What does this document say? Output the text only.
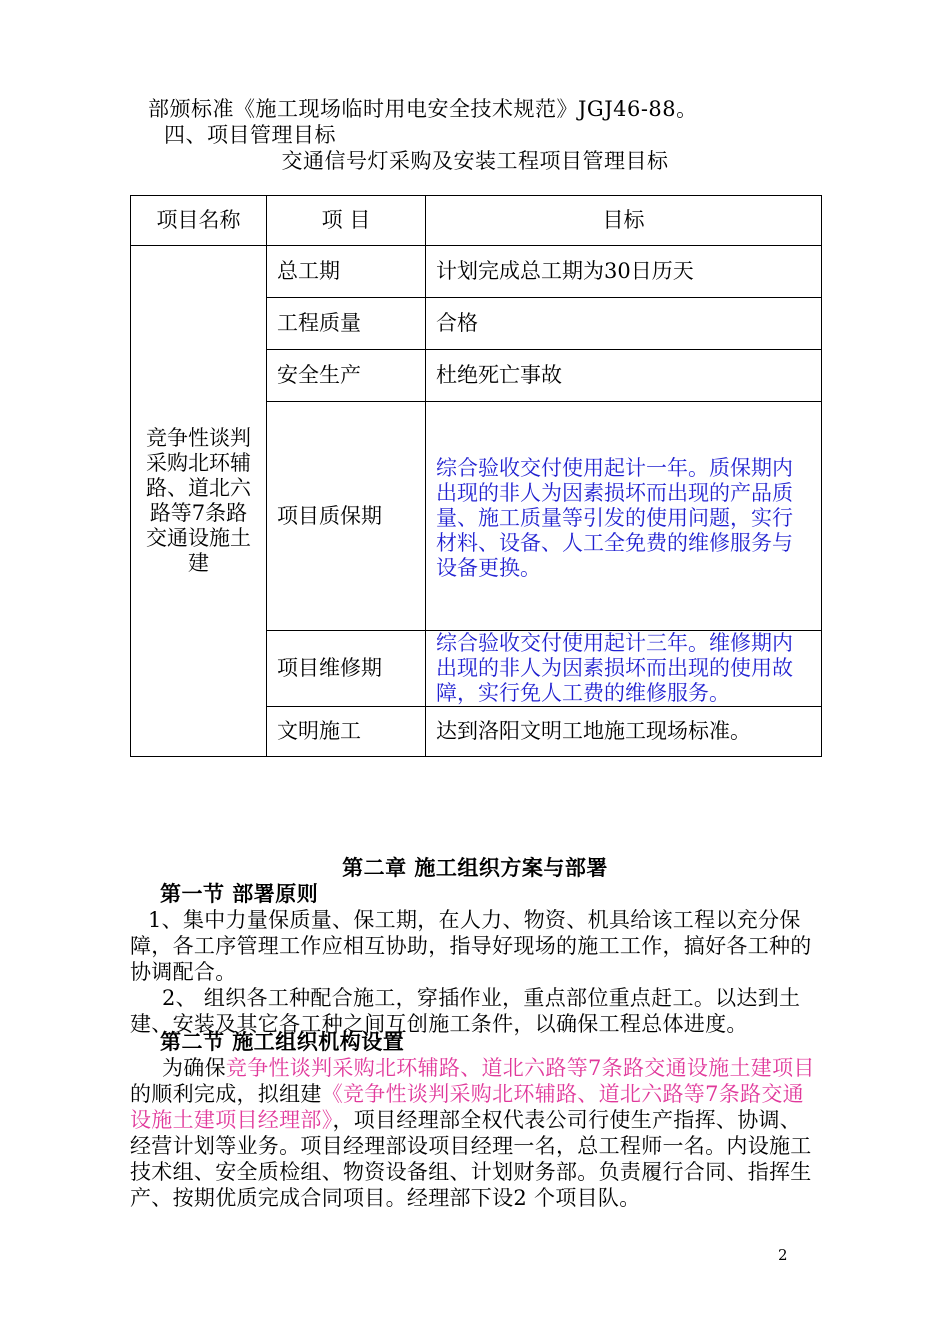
部颁标准《施工现场临时用电安全技术规范》JGJ46-88。
四、项目管理目标
交通信号灯采购及安装工程项目管理目标
项目名称	项 目	目标
竞争性谈判采购北环辅路、道北六路等7条路交通设施土建	总工期	计划完成总工期为30日历天
	工程质量	合格
	安全生产	杜绝死亡事故
	项目质保期	综合验收交付使用起计一年。质保期内出现的非人为因素损坏而出现的产品质量、施工质量等引发的使用问题，实行材料、设备、人工全免费的维修服务与设备更换。
	项目维修期	综合验收交付使用起计三年。维修期内出现的非人为因素损坏而出现的使用故障，实行免人工费的维修服务。
	文明施工	达到洛阳文明工地施工现场标准。
第二章 施工组织方案与部署
第一节 部署原则
1、集中力量保质量、保工期，在人力、物资、机具给该工程以充分保障，各工序管理工作应相互协助，指导好现场的施工工作，搞好各工种的协调配合。
2、 组织各工种配合施工，穿插作业，重点部位重点赶工。以达到土建、安装及其它各工种之间互创施工条件，以确保工程总体进度。
第二节 施工组织机构设置
为确保竞争性谈判采购北环辅路、道北六路等7条路交通设施土建项目的顺利完成，拟组建《竞争性谈判采购北环辅路、道北六路等7条路交通设施土建项目经理部》，项目经理部全权代表公司行使生产指挥、协调、经营计划等业务。项目经理部设项目经理一名，总工程师一名。内设施工技术组、安全质检组、物资设备组、计划财务部。负责履行合同、指挥生产、按期优质完成合同项目。经理部下设2 个项目队。
2
